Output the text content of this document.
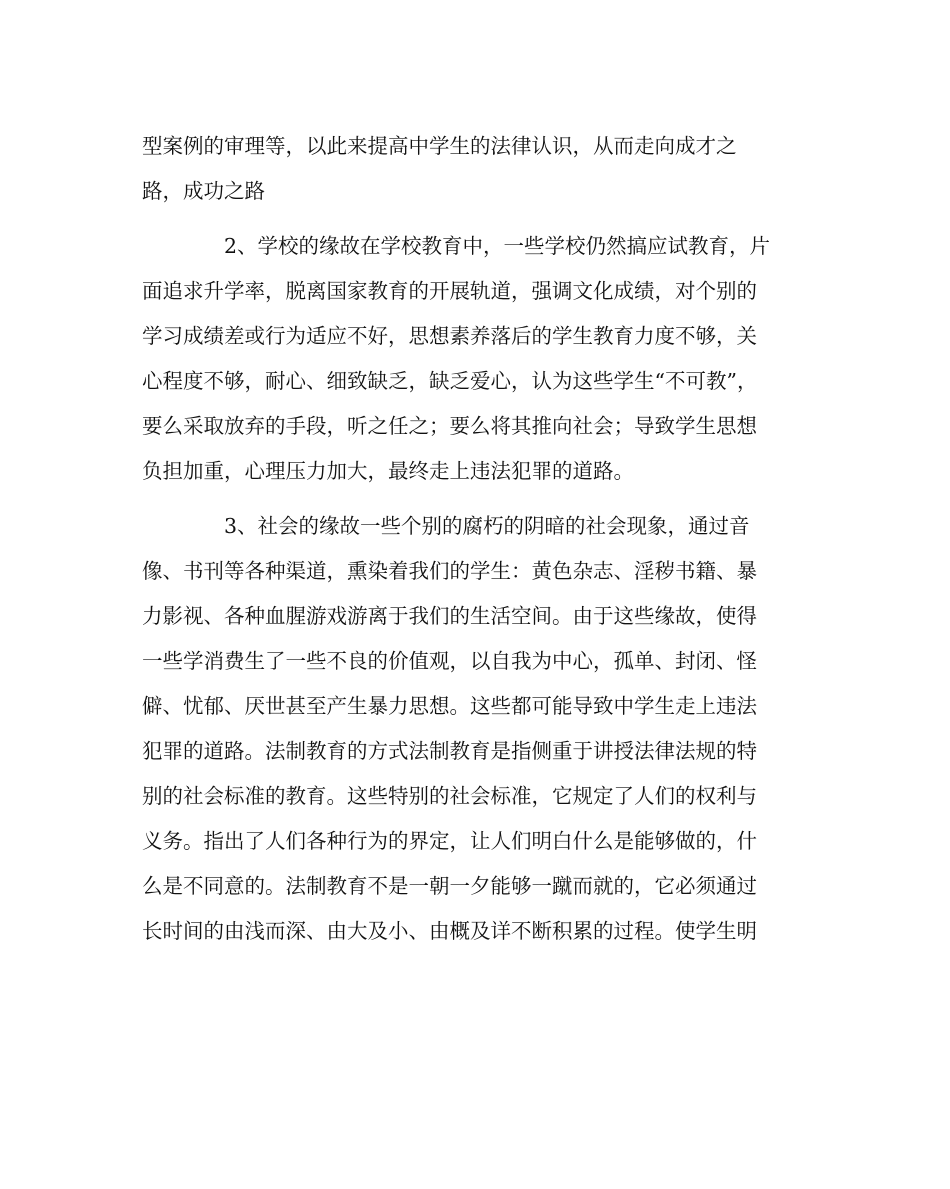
型案例的审理等，以此来提高中学生的法律认识，从而走向成才之
路，成功之路
2、学校的缘故在学校教育中，一些学校仍然搞应试教育，片
面追求升学率，脱离国家教育的开展轨道，强调文化成绩，对个别的
学习成绩差或行为适应不好，思想素养落后的学生教育力度不够，关
心程度不够，耐心、细致缺乏，缺乏爱心，认为这些学生“不可教”，
要么采取放弃的手段，听之任之；要么将其推向社会；导致学生思想
负担加重，心理压力加大，最终走上违法犯罪的道路。
3、社会的缘故一些个别的腐朽的阴暗的社会现象，通过音
像、书刊等各种渠道，熏染着我们的学生：黄色杂志、淫秽书籍、暴
力影视、各种血腥游戏游离于我们的生活空间。由于这些缘故，使得
一些学消费生了一些不良的价值观，以自我为中心，孤单、封闭、怪
僻、忧郁、厌世甚至产生暴力思想。这些都可能导致中学生走上违法
犯罪的道路。法制教育的方式法制教育是指侧重于讲授法律法规的特
别的社会标准的教育。这些特别的社会标准，它规定了人们的权利与
义务。指出了人们各种行为的界定，让人们明白什么是能够做的，什
么是不同意的。法制教育不是一朝一夕能够一蹴而就的，它必须通过
长时间的由浅而深、由大及小、由概及详不断积累的过程。使学生明
